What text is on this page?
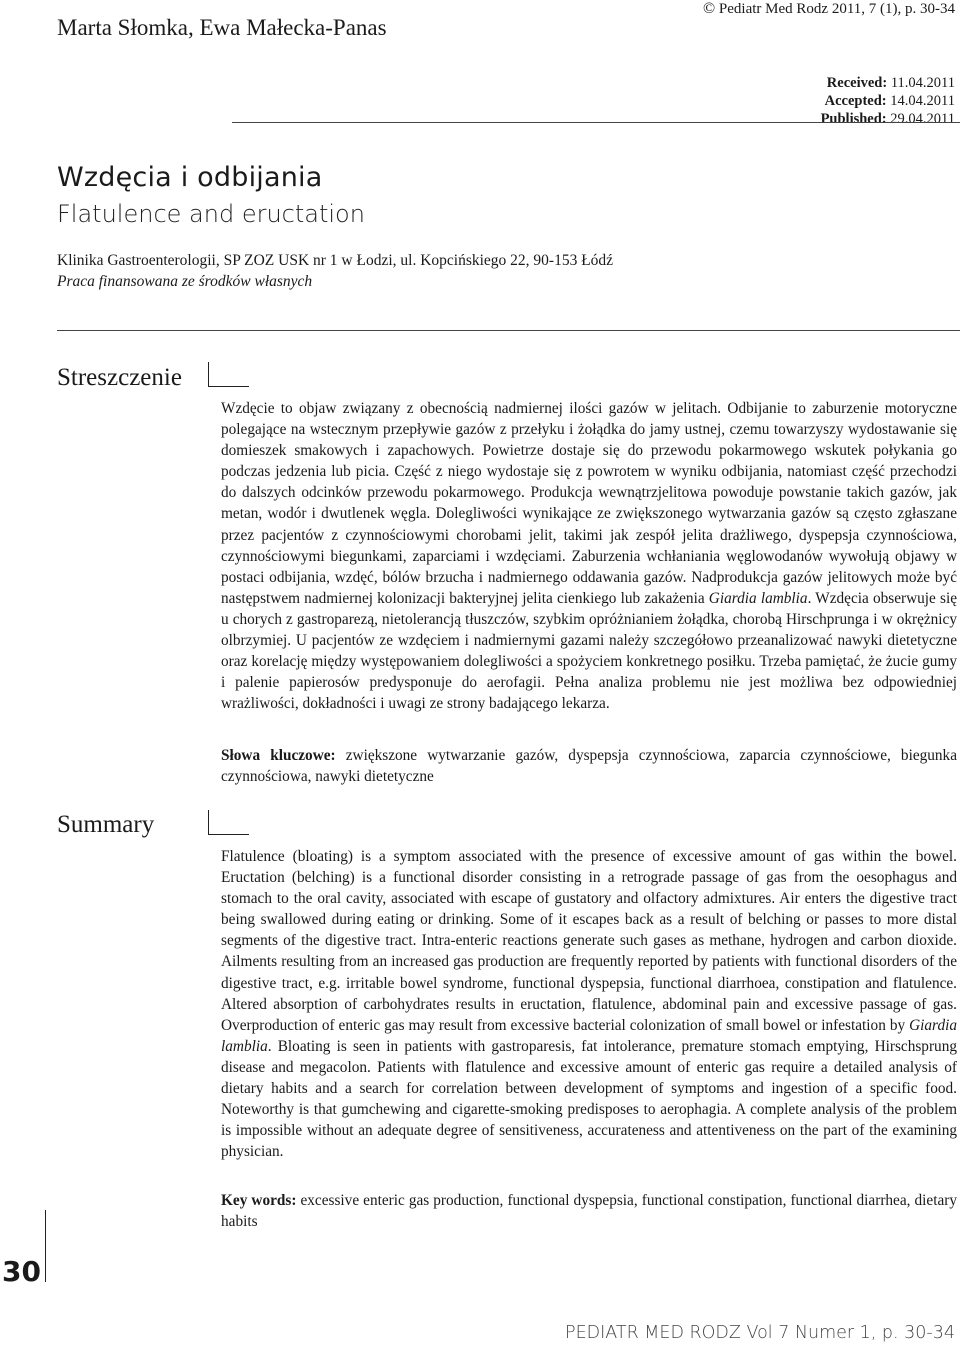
Marta Słomka, Ewa Małecka-Panas
© Pediatr Med Rodz 2011, 7 (1), p. 30-34
Received: 11.04.2011
Accepted: 14.04.2011
Published: 29.04.2011
Wzdęcia i odbijania
Flatulence and eructation
Klinika Gastroenterologii, SP ZOZ USK nr 1 w Łodzi, ul. Kopcińskiego 22, 90-153 Łódź
Praca finansowana ze środków własnych
Streszczenie
Wzdęcie to objaw związany z obecnością nadmiernej ilości gazów w jelitach. Odbijanie to zaburzenie motoryczne polegające na wstecznym przepływie gazów z przełyku i żołądka do jamy ustnej, czemu towarzyszy wydostawanie się domieszek smakowych i zapachowych. Powietrze dostaje się do przewodu pokarmowego wskutek połykania go podczas jedzenia lub picia. Część z niego wydostaje się z powrotem w wyniku odbijania, natomiast część przechodzi do dalszych odcinków przewodu pokarmowego. Produkcja wewnątrzjelitowa powoduje powstanie takich gazów, jak metan, wodór i dwutlenek węgla. Dolegliwości wynikające ze zwiększonego wytwarzania gazów są często zgłaszane przez pacjentów z czynnościowymi chorobami jelit, takimi jak zespół jelita drażliwego, dyspepsja czynnościowa, czynnościowymi biegunkami, zaparciami i wzdęciami. Zaburzenia wchłaniania węglowodanów wywołują objawy w postaci odbijania, wzdęć, bólów brzucha i nadmiernego oddawania gazów. Nadprodukcja gazów jelitowych może być następstwem nadmiernej kolonizacji bakteryjnej jelita cienkiego lub zakażenia Giardia lamblia. Wzdęcia obserwuje się u chorych z gastroparezą, nietolerancją tłuszczów, szybkim opróżnianiem żołądka, chorobą Hirschprunga i w okrężnicy olbrzymiej. U pacjentów ze wzdęciem i nadmiernymi gazami należy szczegółowo przeanalizować nawyki dietetyczne oraz korelację między występowaniem dolegliwości a spożyciem konkretnego posiłku. Trzeba pamiętać, że żucie gumy i palenie papierosów predysponuje do aerofagii. Pełna analiza problemu nie jest możliwa bez odpowiedniej wrażliwości, dokładności i uwagi ze strony badającego lekarza.
Słowa kluczowe: zwiększone wytwarzanie gazów, dyspepsja czynnościowa, zaparcia czynnościowe, biegunka czynnościowa, nawyki dietetyczne
Summary
Flatulence (bloating) is a symptom associated with the presence of excessive amount of gas within the bowel. Eructation (belching) is a functional disorder consisting in a retrograde passage of gas from the oesophagus and stomach to the oral cavity, associated with escape of gustatory and olfactory admixtures. Air enters the digestive tract being swallowed during eating or drinking. Some of it escapes back as a result of belching or passes to more distal segments of the digestive tract. Intra-enteric reactions generate such gases as methane, hydrogen and carbon dioxide. Ailments resulting from an increased gas production are frequently reported by patients with functional disorders of the digestive tract, e.g. irritable bowel syndrome, functional dyspepsia, functional diarrhoea, constipation and flatulence. Altered absorption of carbohydrates results in eructation, flatulence, abdominal pain and excessive passage of gas. Overproduction of enteric gas may result from excessive bacterial colonization of small bowel or infestation by Giardia lamblia. Bloating is seen in patients with gastroparesis, fat intolerance, premature stomach emptying, Hirschsprung disease and megacolon. Patients with flatulence and excessive amount of enteric gas require a detailed analysis of dietary habits and a search for correlation between development of symptoms and ingestion of a specific food. Noteworthy is that gumchewing and cigarette-smoking predisposes to aerophagia. A complete analysis of the problem is impossible without an adequate degree of sensitiveness, accurateness and attentiveness on the part of the examining physician.
Key words: excessive enteric gas production, functional dyspepsia, functional constipation, functional diarrhea, dietary habits
30
PEDIATR MED RODZ Vol 7 Numer 1, p. 30-34
